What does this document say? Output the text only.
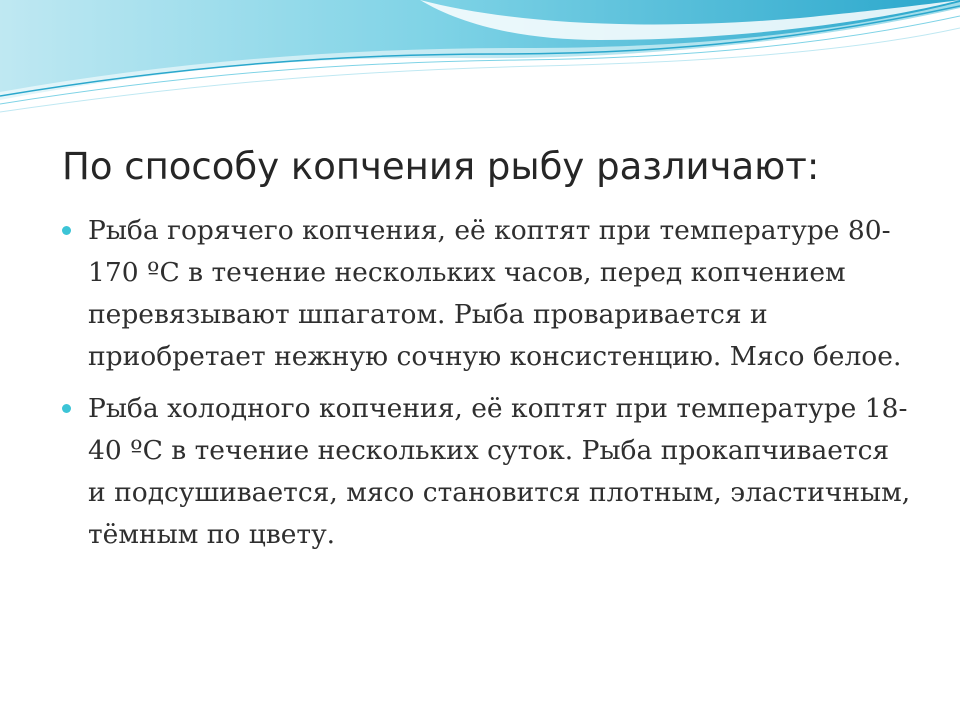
По способу копчения рыбу различают:
Рыба горячего копчения, её коптят при температуре 80-170 ºС в течение нескольких часов, перед копчением перевязывают шпагатом. Рыба проваривается и приобретает нежную сочную консистенцию. Мясо белое.
Рыба холодного копчения, её коптят при температуре 18-40 ºС в течение нескольких суток. Рыба прокапчивается и подсушивается, мясо становится плотным, эластичным, тёмным по цвету.
